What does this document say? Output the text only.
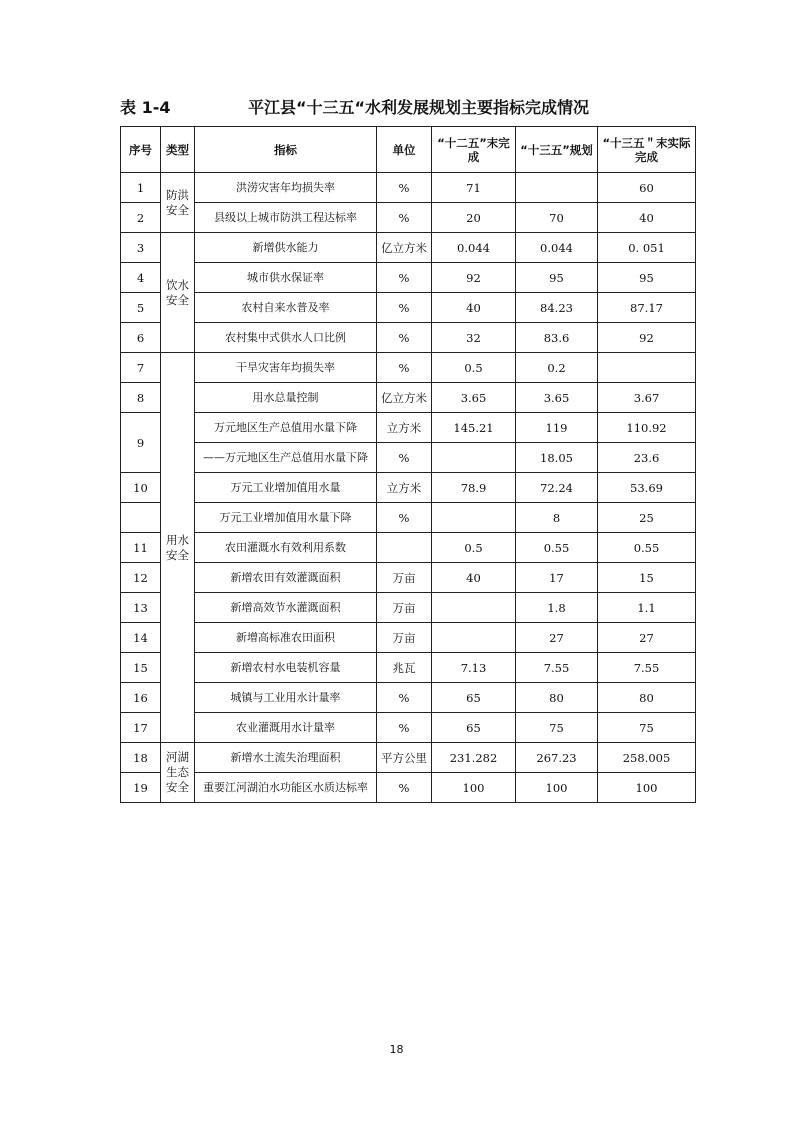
表 1-4	平江县“十三五“水利发展规划主要指标完成情况
序号	类型	指标	单位	“十二五”末完成	“十三五”规划	“十三五＂末实际完成
1	防洪安全	洪涝灾害年均损失率	%	71		60
2		县级以上城市防洪工程达标率	%	20	70	40
3	饮水安全	新增供水能力	亿立方米	0.044	0.044	0. 051
4		城市供水保证率	%	92	95	95
5		农村自来水普及率	%	40	84.23	87.17
6		农村集中式供水人口比例	%	32	83.6	92
7	用水安全	干旱灾害年均损失率	%	0.5	0.2	
8		用水总量控制	亿立方米	3.65	3.65	3.67
9		万元地区生产总值用水量下降	立方米	145.21	119	110.92
		——万元地区生产总值用水量下降	%		18.05	23.6
10		万元工业增加值用水量	立方米	78.9	72.24	53.69
		万元工业增加值用水量下降	%		8	25
11		农田灌溉水有效利用系数		0.5	0.55	0.55
12		新增农田有效灌溉面积	万亩	40	17	15
13		新增高效节水灌溉面积	万亩		1.8	1.1
14		新增高标准农田面积	万亩		27	27
15		新增农村水电装机容量	兆瓦	7.13	7.55	7.55
16		城镇与工业用水计量率	%	65	80	80
17		农业灌溉用水计量率	%	65	75	75
18	河湖生态安全	新增水土流失治理面积	平方公里	231.282	267.23	258.005
19		重要江河湖泊水功能区水质达标率	%	100	100	100
18
